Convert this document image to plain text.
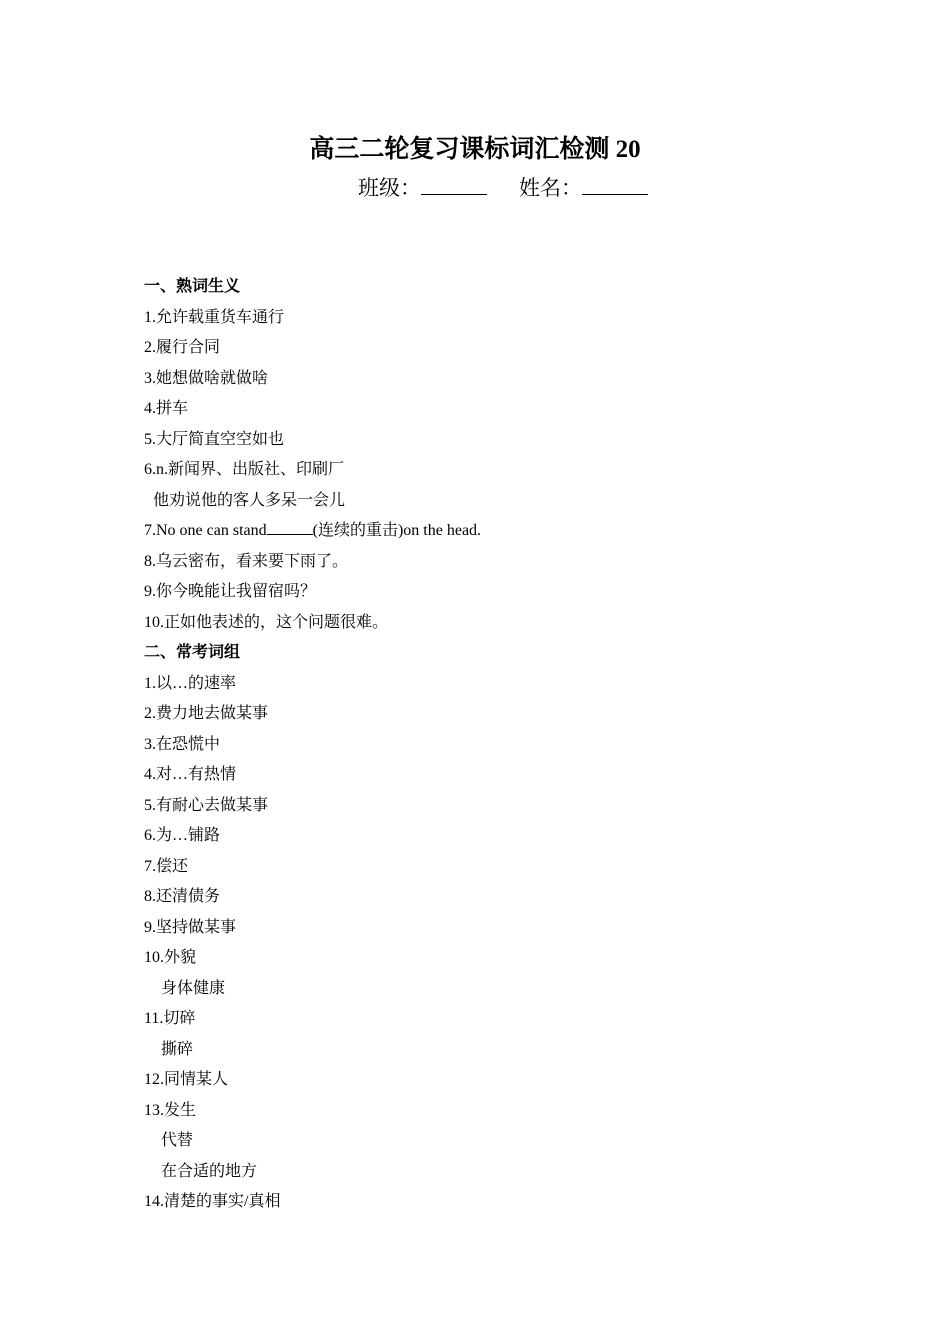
高三二轮复习课标词汇检测 20
班级：	姓名：
一、熟词生义
1.允许载重货车通行
2.履行合同
3.她想做啥就做啥
4.拼车
5.大厅简直空空如也
6.n.新闻界、出版社、印刷厂
他劝说他的客人多呆一会儿
7.No one can stand	(连续的重击)on the head.
8.乌云密布，看来要下雨了。
9.你今晚能让我留宿吗？
10.正如他表述的，这个问题很难。
二、常考词组
1.以…的速率
2.费力地去做某事
3.在恐慌中
4.对…有热情
5.有耐心去做某事
6.为…铺路
7.偿还
8.还清债务
9.坚持做某事
10.外貌
身体健康
11.切碎
撕碎
12.同情某人
13.发生
代替
在合适的地方
14.清楚的事实/真相
